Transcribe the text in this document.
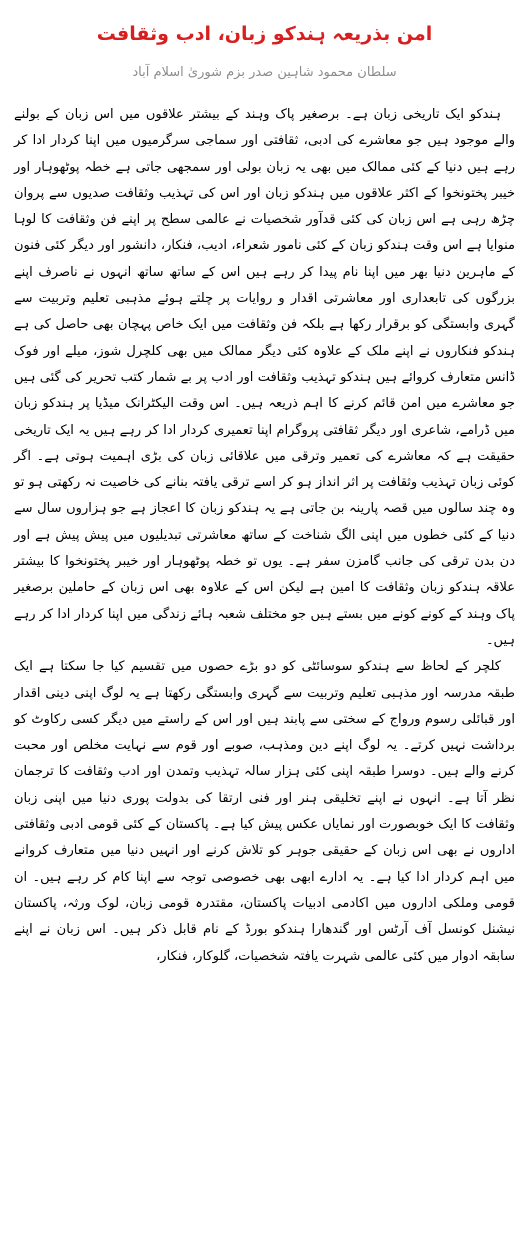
امن بذریعہ ہندکو زبان، ادب وثقافت
سلطان محمود شاہین صدر بزم شوریٰ اسلام آباد

ہندکو ایک تاریخی زبان ہے۔ برصغیر پاک وہند کے بیشتر علاقوں میں اس زبان کے بولنے والے موجود ہیں جو معاشرے کی ادبی، ثقافتی اور سماجی سرگرمیوں میں اپنا کردار ادا کر رہے ہیں دنیا کے کئی ممالک میں بھی یہ زبان بولی اور سمجھی جاتی ہے خطہ پوٹھوہار اور خیبر پختونخوا کے اکثر علاقوں میں ہندکو زبان اور اس کی تہذیب وثقافت صدیوں سے پروان چڑھ رہی ہے اس زبان کی کئی قدآور شخصیات نے عالمی سطح پر اپنے فن وثقافت کا لوہا منوایا ہے اس وقت ہندکو زبان کے کئی نامور شعراء، ادیب، فنکار، دانشور اور دیگر کئی فنون کے ماہرین دنیا بھر میں اپنا نام پیدا کر رہے ہیں اس کے ساتھ ساتھ انہوں نے ناصرف اپنے بزرگوں کی تابعداری اور معاشرتی اقدار و روایات پر چلتے ہوئے مذہبی تعلیم وتربیت سے گہری وابستگی کو برقرار رکھا ہے بلکہ فن وثقافت میں ایک خاص پہچان بھی حاصل کی ہے ہندکو فنکاروں نے اپنے ملک کے علاوہ کئی دیگر ممالک میں بھی کلچرل شوز، میلے اور فوک ڈانس متعارف کروائے ہیں ہندکو تہذیب وثقافت اور ادب پر بے شمار کتب تحریر کی گئی ہیں جو معاشرے میں امن قائم کرنے کا اہم ذریعہ ہیں۔ اس وقت الیکٹرانک میڈیا پر ہندکو زبان میں ڈرامے، شاعری اور دیگر ثقافتی پروگرام اپنا تعمیری کردار ادا کر رہے ہیں یہ ایک تاریخی حقیقت ہے کہ معاشرے کی تعمیر وترقی میں علاقائی زبان کی بڑی اہمیت ہوتی ہے۔ اگر کوئی زبان تہذیب وثقافت پر اثر انداز ہو کر اسے ترقی یافتہ بنانے کی خاصیت نہ رکھتی ہو تو وہ چند سالوں میں قصہ پارینہ بن جاتی ہے یہ ہندکو زبان کا اعجاز ہے جو ہزاروں سال سے دنیا کے کئی خطوں میں اپنی الگ شناخت کے ساتھ معاشرتی تبدیلیوں میں پیش پیش ہے اور دن بدن ترقی کی جانب گامزن سفر ہے۔ یوں تو خطہ پوٹھوہار اور خیبر پختونخوا کا بیشتر علاقہ ہندکو زبان وثقافت کا امین ہے لیکن اس کے علاوہ بھی اس زبان کے حاملین برصغیر پاک وہند کے کونے کونے میں بستے ہیں جو مختلف شعبہ ہائے زندگی میں اپنا کردار ادا کر رہے ہیں۔

کلچر کے لحاظ سے ہندکو سوسائٹی کو دو بڑے حصوں میں تقسیم کیا جا سکتا ہے ایک طبقہ مدرسہ اور مذہبی تعلیم وتربیت سے گہری وابستگی رکھتا ہے یہ لوگ اپنی دینی اقدار اور قبائلی رسوم ورواج کے سختی سے پابند ہیں اور اس کے راستے میں دیگر کسی رکاوٹ کو برداشت نہیں کرتے۔ یہ لوگ اپنے دین ومذہب، صوبے اور قوم سے نہایت مخلص اور محبت کرنے والے ہیں۔ دوسرا طبقہ اپنی کئی ہزار سالہ تہذیب وتمدن اور ادب وثقافت کا ترجمان نظر آتا ہے۔ انہوں نے اپنے تخلیقی ہنر اور فنی ارتقا کی بدولت پوری دنیا میں اپنی زبان وثقافت کا ایک خوبصورت اور نمایاں عکس پیش کیا ہے۔ پاکستان کے کئی قومی ادبی وثقافتی اداروں نے بھی اس زبان کے حقیقی جوہر کو تلاش کرنے اور انہیں دنیا میں متعارف کروانے میں اہم کردار ادا کیا ہے۔ یہ ادارے ابھی بھی خصوصی توجہ سے اپنا کام کر رہے ہیں۔ ان قومی وملکی اداروں میں اکادمی ادبیات پاکستان، مقتدرہ قومی زبان، لوک ورثہ، پاکستان نیشنل کونسل آف آرٹس اور گندھارا ہندکو بورڈ کے نام قابل ذکر ہیں۔ اس زبان نے اپنے سابقہ ادوار میں کئی عالمی شہرت یافتہ شخصیات، گلوکار، فنکار،
